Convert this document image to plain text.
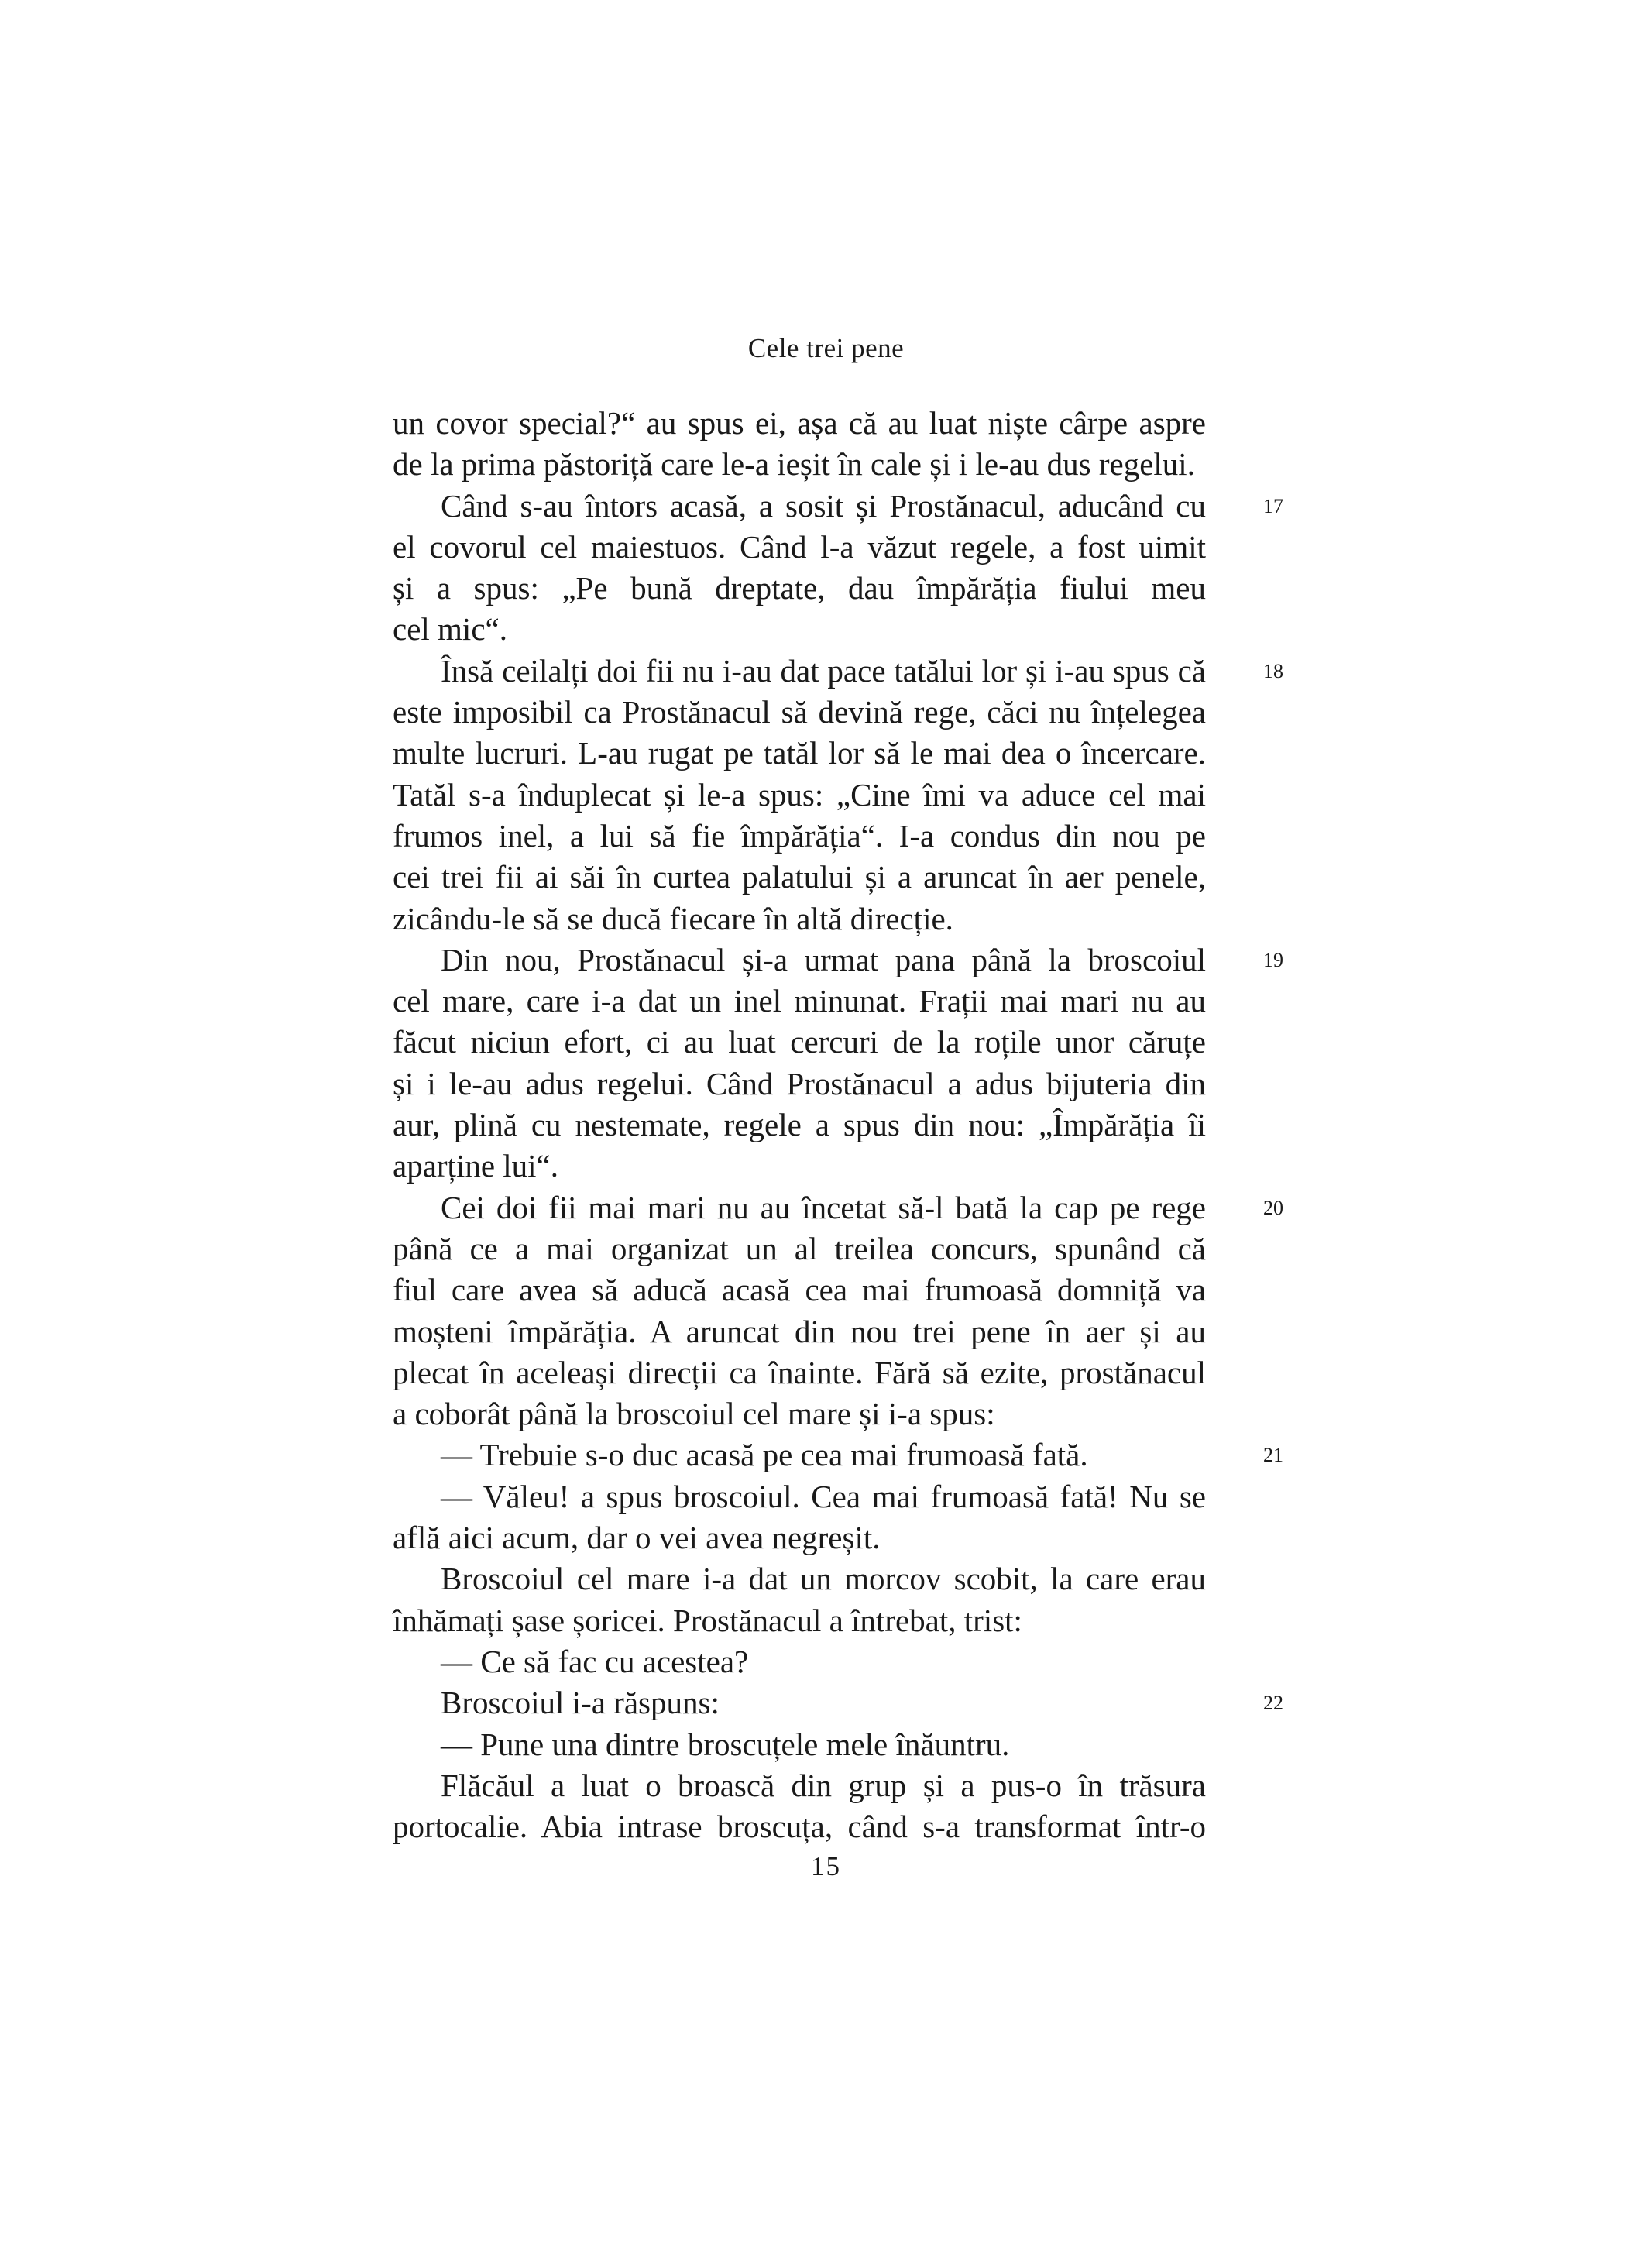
Cele trei pene

un covor special?“ au spus ei, așa că au luat niște cârpe aspre
de la prima păstoriță care le-a ieșit în cale și i le-au dus regelui.

17
Când s-au întors acasă, a sosit și Prostănacul, aducând cu
el covorul cel maiestuos. Când l-a văzut regele, a fost uimit
și a spus: „Pe bună dreptate, dau împărăția fiului meu
cel mic“.

18
Însă ceilalți doi fii nu i-au dat pace tatălui lor și i-au spus că
este imposibil ca Prostănacul să devină rege, căci nu înțelegea
multe lucruri. L-au rugat pe tatăl lor să le mai dea o încercare.
Tatăl s-a înduplecat și le-a spus: „Cine îmi va aduce cel mai
frumos inel, a lui să fie împărăția“. I-a condus din nou pe
cei trei fii ai săi în curtea palatului și a aruncat în aer penele,
zicându-le să se ducă fiecare în altă direcție.

19
Din nou, Prostănacul și-a urmat pana până la broscoiul
cel mare, care i-a dat un inel minunat. Frații mai mari nu au
făcut niciun efort, ci au luat cercuri de la roțile unor căruțe
și i le-au adus regelui. Când Prostănacul a adus bijuteria din
aur, plină cu nestemate, regele a spus din nou: „Împărăția îi
aparține lui“.

20
Cei doi fii mai mari nu au încetat să-l bată la cap pe rege
până ce a mai organizat un al treilea concurs, spunând că
fiul care avea să aducă acasă cea mai frumoasă domniță va
moșteni împărăția. A aruncat din nou trei pene în aer și au
plecat în aceleași direcții ca înainte. Fără să ezite, prostănacul
a coborât până la broscoiul cel mare și i-a spus:

21
— Trebuie s-o duc acasă pe cea mai frumoasă fată.

— Văleu! a spus broscoiul. Cea mai frumoasă fată! Nu se
află aici acum, dar o vei avea negreșit.

Broscoiul cel mare i-a dat un morcov scobit, la care erau
înhămați șase șoricei. Prostănacul a întrebat, trist:

— Ce să fac cu acestea?

22
Broscoiul i-a răspuns:

— Pune una dintre broscuțele mele înăuntru.

Flăcăul a luat o broască din grup și a pus-o în trăsura
portocalie. Abia intrase broscuța, când s-a transformat într-o

15
